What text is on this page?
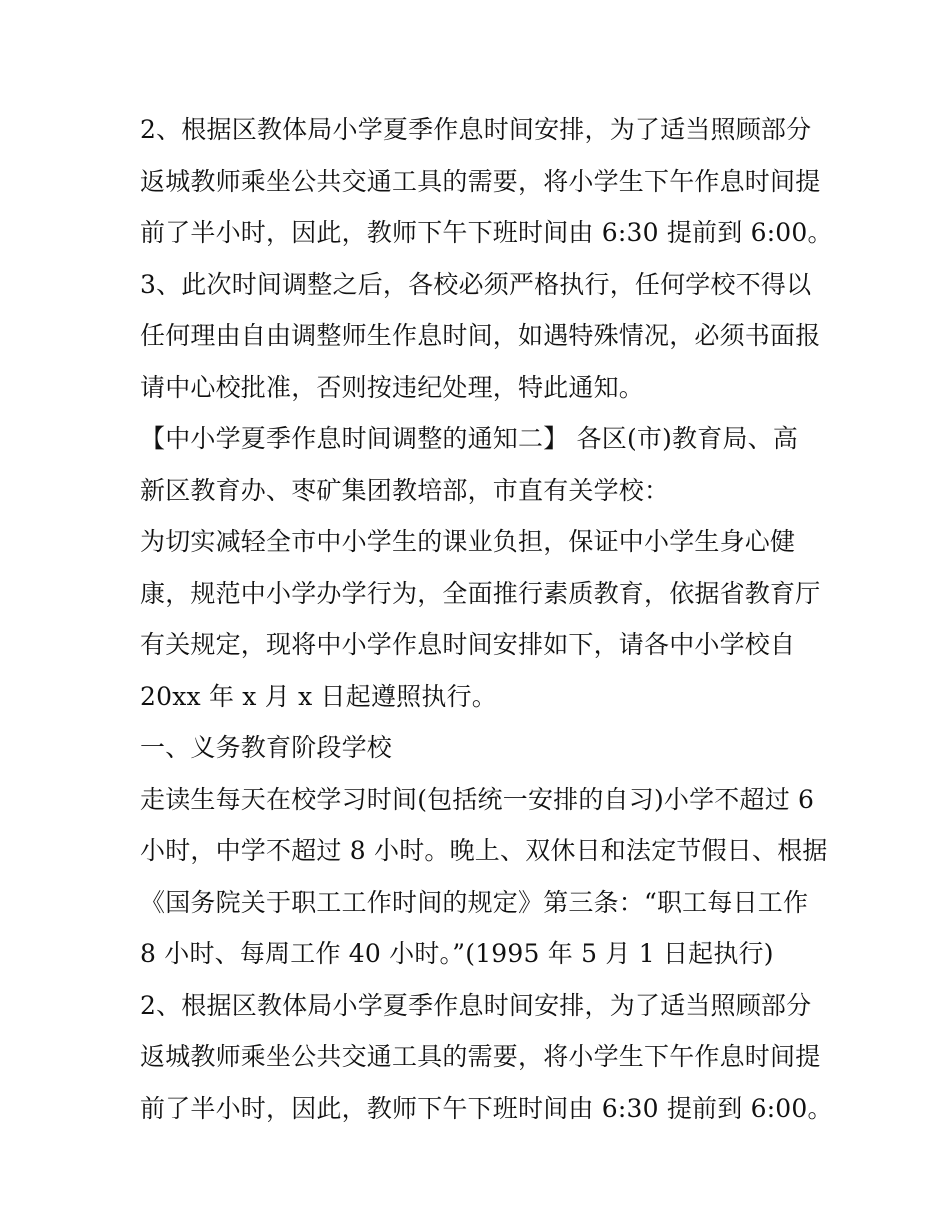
2、根据区教体局小学夏季作息时间安排，为了适当照顾部分
返城教师乘坐公共交通工具的需要，将小学生下午作息时间提
前了半小时，因此，教师下午下班时间由 6:30 提前到 6:00。
3、此次时间调整之后，各校必须严格执行，任何学校不得以
任何理由自由调整师生作息时间，如遇特殊情况，必须书面报
请中心校批准，否则按违纪处理，特此通知。
【中小学夏季作息时间调整的通知二】 各区(市)教育局、高
新区教育办、枣矿集团教培部，市直有关学校：
为切实减轻全市中小学生的课业负担，保证中小学生身心健
康，规范中小学办学行为，全面推行素质教育，依据省教育厅
有关规定，现将中小学作息时间安排如下，请各中小学校自
20xx 年 x 月 x 日起遵照执行。
一、义务教育阶段学校
走读生每天在校学习时间(包括统一安排的自习)小学不超过 6
小时，中学不超过 8 小时。晚上、双休日和法定节假日、根据
《国务院关于职工工作时间的规定》第三条：“职工每日工作
8 小时、每周工作 40 小时。”(1995 年 5 月 1 日起执行)
2、根据区教体局小学夏季作息时间安排，为了适当照顾部分
返城教师乘坐公共交通工具的需要，将小学生下午作息时间提
前了半小时，因此，教师下午下班时间由 6:30 提前到 6:00。
